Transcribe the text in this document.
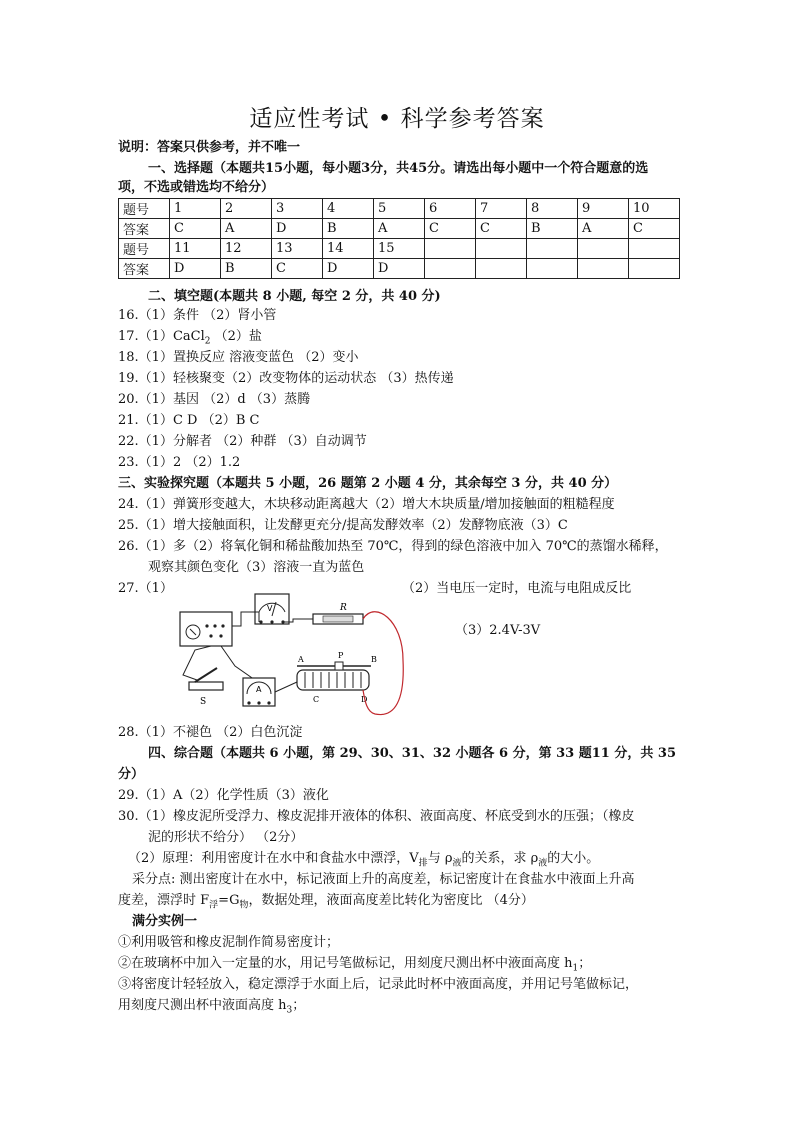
适应性考试 • 科学参考答案
说明：答案只供参考，并不唯一
一、选择题（本题共15小题，每小题3分，共45分。请选出每小题中一个符合题意的选
项，不选或错选均不给分）
题号	1	2	3	4	5	6	7	8	9	10
答案	C	A	D	B	A	C	C	B	A	C
题号	11	12	13	14	15					
答案	D	B	C	D	D					
二、填空题(本题共 8 小题, 每空 2 分，共 40 分)
16.（1）条件 （2）肾小管
17.（1）CaCl$_2$ （2）盐
18.（1）置换反应 溶液变蓝色 （2）变小
19.（1）轻核聚变（2）改变物体的运动状态 （3）热传递
20.（1）基因 （2）d （3）蒸腾
21.（1）C D （2）B C
22.（1）分解者 （2）种群 （3）自动调节
23.（1）2 （2）1.2
三、实验探究题（本题共 5 小题，26 题第 2 小题 4 分，其余每空 3 分，共 40 分）
24.（1）弹簧形变越大，木块移动距离越大（2）增大木块质量/增加接触面的粗糙程度
25.（1）增大接触面积，让发酵更充分/提高发酵效率（2）发酵物底液（3）C
26.（1）多（2）将氧化铜和稀盐酸加热至 70℃，得到的绿色溶液中加入 70℃的蒸馏水稀释，
观察其颜色变化（3）溶液一直为蓝色
27.（1）	（2）当电压一定时，电流与电阻成反比
（3）2.4V-3V
V	R
S
A
P
A	B
C	D
28.（1）不褪色 （2）白色沉淀
四、综合题（本题共 6 小题，第 29、30、31、32 小题各 6 分，第 33 题11 分，共 35
分）
29.（1）A（2）化学性质（3）液化
30.（1）橡皮泥所受浮力、橡皮泥排开液体的体积、液面高度、杯底受到水的压强；（橡皮
泥的形状不给分） （2分）
（2）原理：利用密度计在水中和食盐水中漂浮，$V_排$与 $\rho_液$的关系，求 $\rho_液$的大小。
采分点: 测出密度计在水中，标记液面上升的高度差，标记密度计在食盐水中液面上升高
度差，漂浮时 $F_浮=G_物$，数据处理，液面高度差比转化为密度比 （4分）
满分实例一
①利用吸管和橡皮泥制作简易密度计；
②在玻璃杯中加入一定量的水，用记号笔做标记，用刻度尺测出杯中液面高度 $h_1$；
③将密度计轻轻放入，稳定漂浮于水面上后，记录此时杯中液面高度，并用记号笔做标记，
用刻度尺测出杯中液面高度 $h_3$；
